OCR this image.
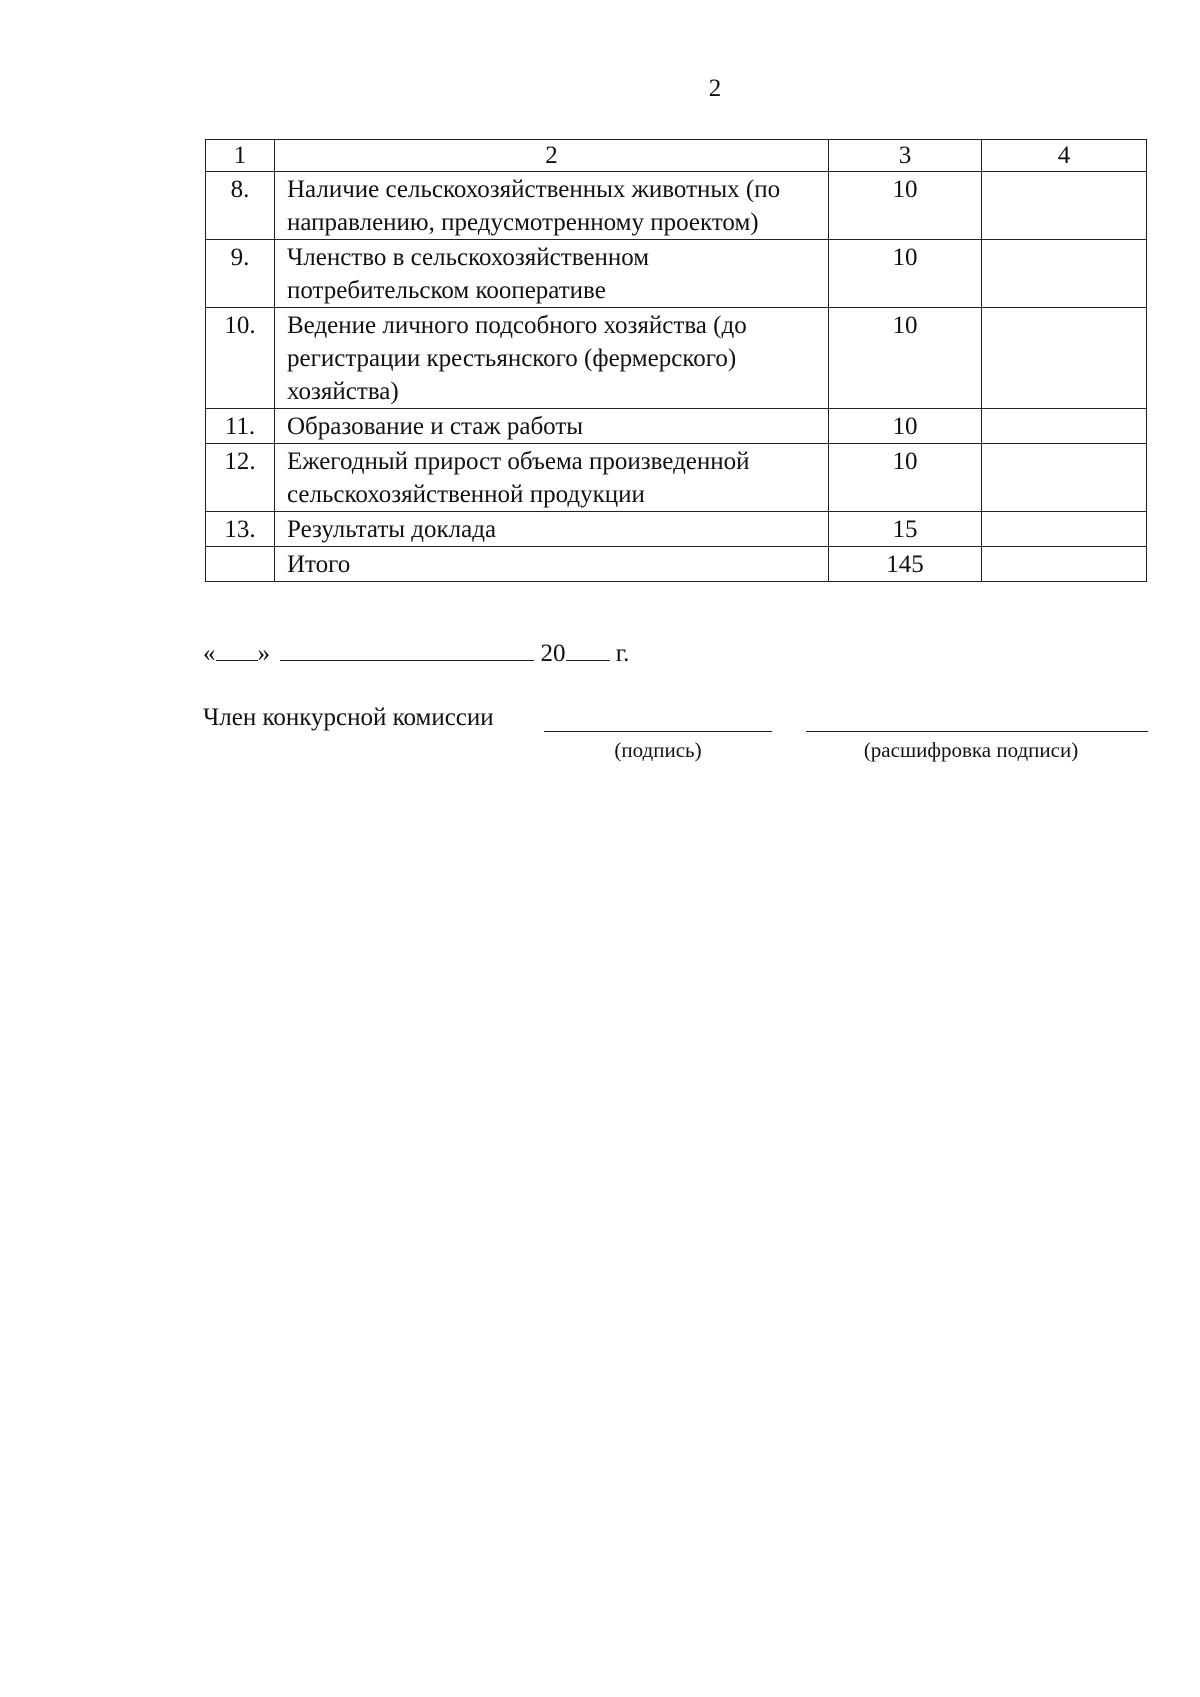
2
1	2	3	4
8.	Наличие сельскохозяйственных животных (по направлению, предусмотренному проектом)	10	
9.	Членство в сельскохозяйственном потребительском кооперативе	10	
10.	Ведение личного подсобного хозяйства (до регистрации крестьянского (фермерского) хозяйства)	10	
11.	Образование и стаж работы	10	
12.	Ежегодный прирост объема произведенной сельскохозяйственной продукции	10	
13.	Результаты доклада	15	
	Итого	145	
« »	20 г.
Член конкурсной комиссии
(подпись)	(расшифровка подписи)
